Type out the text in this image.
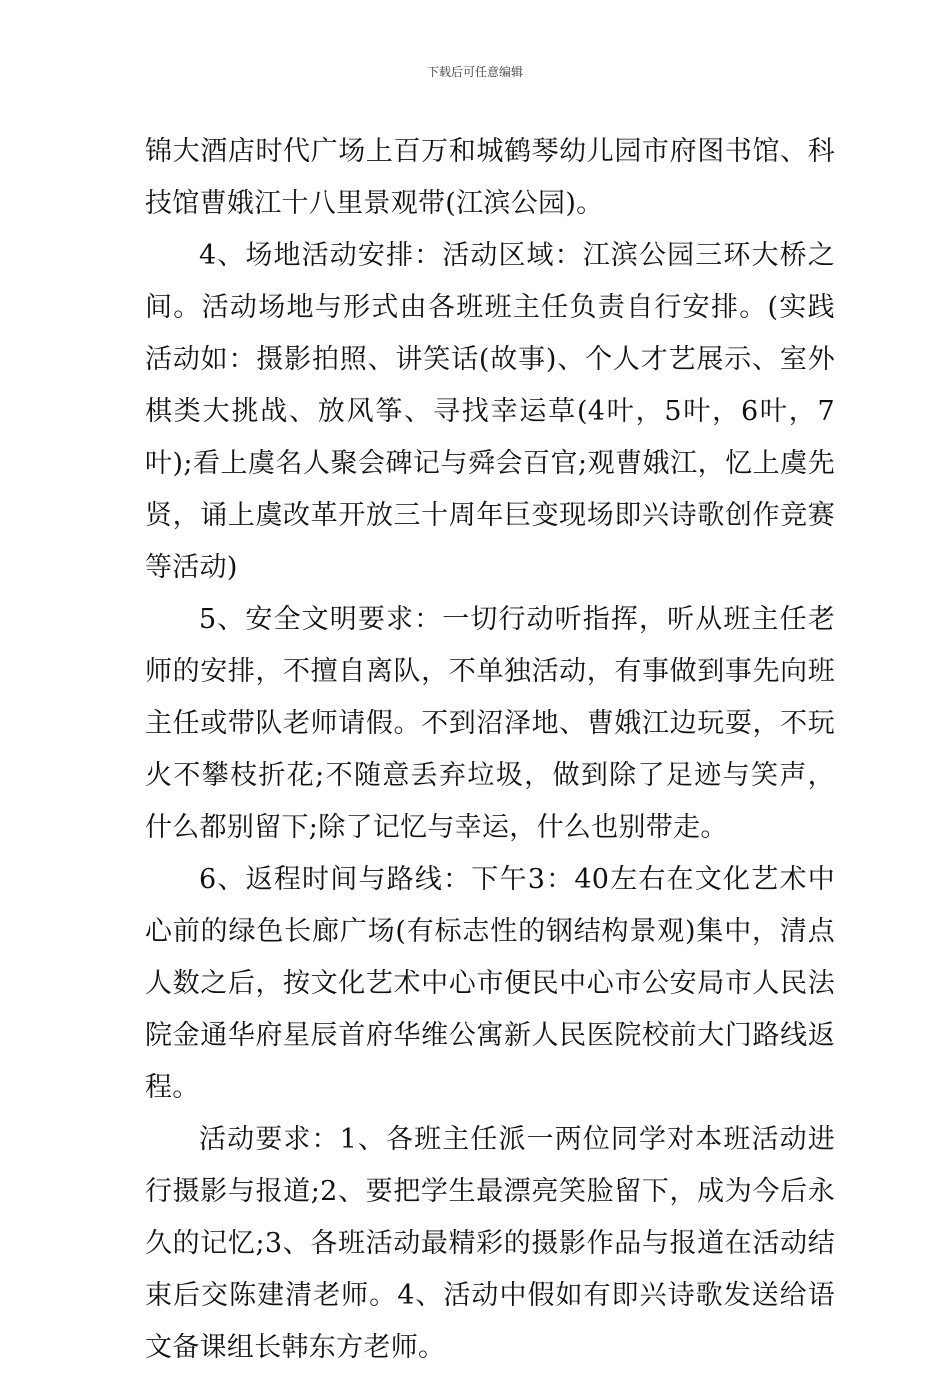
下载后可任意编辑

锦大酒店时代广场上百万和城鹤琴幼儿园市府图书馆、科技馆曹娥江十八里景观带(江滨公园)。

4、场地活动安排：活动区域：江滨公园三环大桥之间。活动场地与形式由各班班主任负责自行安排。(实践活动如：摄影拍照、讲笑话(故事)、个人才艺展示、室外棋类大挑战、放风筝、寻找幸运草(4叶，5叶，6叶，7叶);看上虞名人聚会碑记与舜会百官;观曹娥江，忆上虞先贤，诵上虞改革开放三十周年巨变现场即兴诗歌创作竞赛等活动)

5、安全文明要求：一切行动听指挥，听从班主任老师的安排，不擅自离队，不单独活动，有事做到事先向班主任或带队老师请假。不到沼泽地、曹娥江边玩耍，不玩火不攀枝折花;不随意丢弃垃圾，做到除了足迹与笑声，什么都别留下;除了记忆与幸运，什么也别带走。

6、返程时间与路线：下午3：40左右在文化艺术中心前的绿色长廊广场(有标志性的钢结构景观)集中，清点人数之后，按文化艺术中心市便民中心市公安局市人民法院金通华府星辰首府华维公寓新人民医院校前大门路线返程。

活动要求：1、各班主任派一两位同学对本班活动进行摄影与报道;2、要把学生最漂亮笑脸留下，成为今后永久的记忆;3、各班活动最精彩的摄影作品与报道在活动结束后交陈建清老师。4、活动中假如有即兴诗歌发送给语文备课组长韩东方老师。
